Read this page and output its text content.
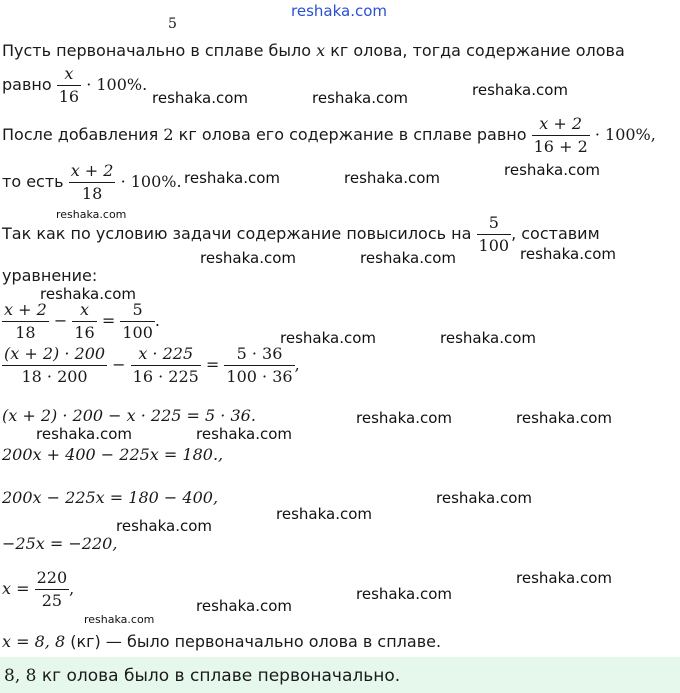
5
Пусть первоначально в сплаве было x кг олова, тогда содержание олова
равно $\frac{x}{16} \cdot 100\%$.
После добавления 2 кг олова его содержание в сплаве равно $\frac{x + 2}{16 + 2} \cdot 100\%$,
то есть $\frac{x + 2}{18} \cdot 100\%$.
Так как по условию задачи содержание повысилось на $\frac{5}{100}$ , составим
уравнение:
$\frac{x + 2}{18} - \frac{x}{16} = \frac{5}{100}$ .
$\frac{(x + 2) \cdot 200}{18 \cdot 200} - \frac{x \cdot 225}{16 \cdot 225} = \frac{5 \cdot 36}{100 \cdot 36}$ ,
(x + 2) · 200 − x · 225 = 5 · 36.
200x + 400 − 225x = 180.,
200x − 225x = 180 − 400,
−25x = −220,
$x = \frac{220}{25}$ ,
x = 8, 8 (кг) — было первоначально олова в сплаве.
8, 8 кг олова было в сплаве первоначально.
reshaka.com
reshaka.com	reshaka.com	reshaka.com
reshaka.com	reshaka.com	reshaka.com
reshaka.com
reshaka.com	reshaka.com	reshaka.com
reshaka.com
reshaka.com	reshaka.com
reshaka.com	reshaka.com
reshaka.com	reshaka.com
reshaka.com
reshaka.com
reshaka.com
reshaka.com
reshaka.com
reshaka.com
reshaka.com
